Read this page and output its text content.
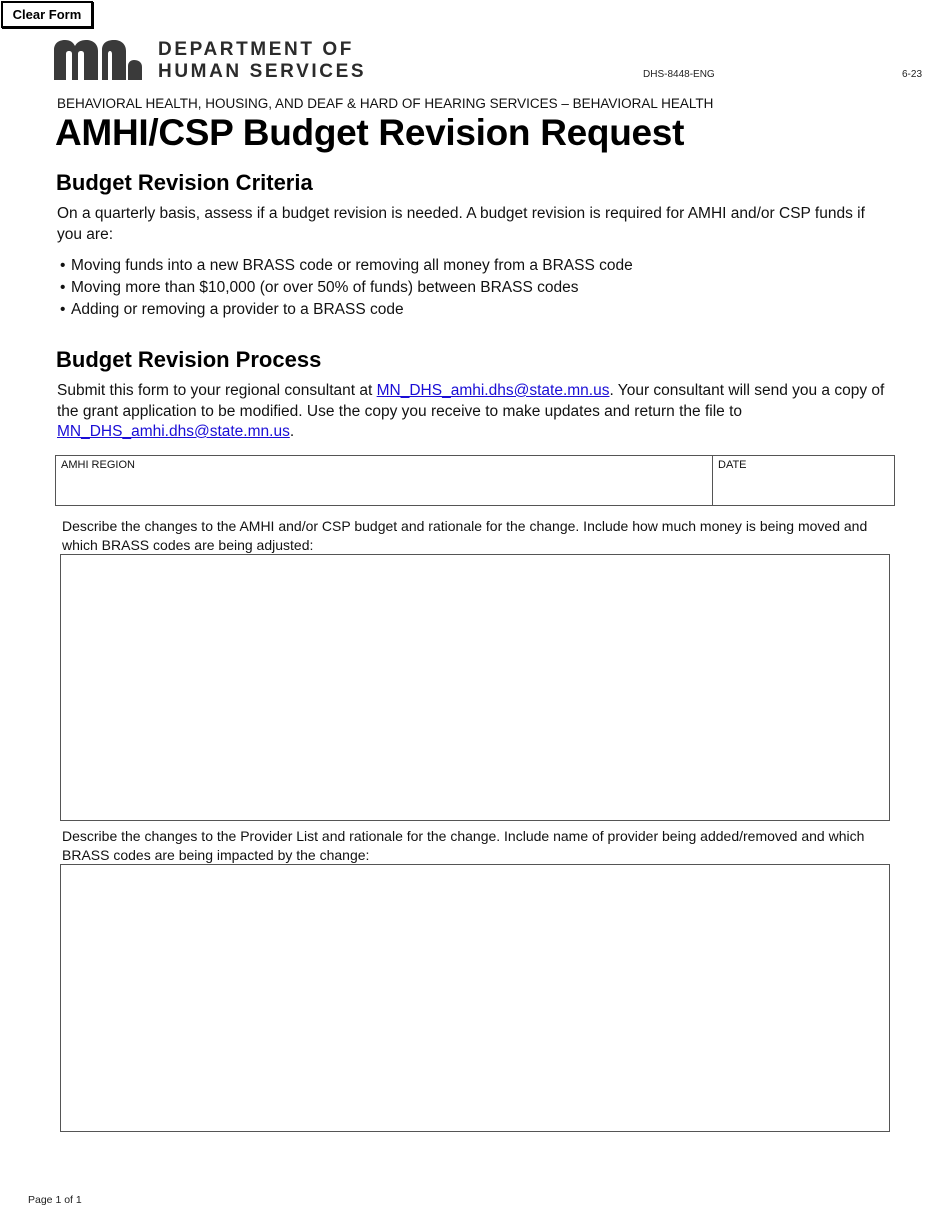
Clear Form
DEPARTMENT OF
HUMAN SERVICES	DHS-8448-ENG	6-23
BEHAVIORAL HEALTH, HOUSING, AND DEAF & HARD OF HEARING SERVICES – BEHAVIORAL HEALTH
AMHI/CSP Budget Revision Request
Budget Revision Criteria

On a quarterly basis, assess if a budget revision is needed. A budget revision is required for AMHI and/or CSP funds if you are:

• Moving funds into a new BRASS code or removing all money from a BRASS code
• Moving more than $10,000 (or over 50% of funds) between BRASS codes
• Adding or removing a provider to a BRASS code
Budget Revision Process

Submit this form to your regional consultant at MN_DHS_amhi.dhs@state.mn.us. Your consultant will send you a copy of the grant application to be modified. Use the copy you receive to make updates and return the file to MN_DHS_amhi.dhs@state.mn.us.

AMHI REGION	DATE
Describe the changes to the AMHI and/or CSP budget and rationale for the change. Include how much money is being moved and which BRASS codes are being adjusted:
Describe the changes to the Provider List and rationale for the change. Include name of provider being added/removed and which BRASS codes are being impacted by the change:
Page 1 of 1
